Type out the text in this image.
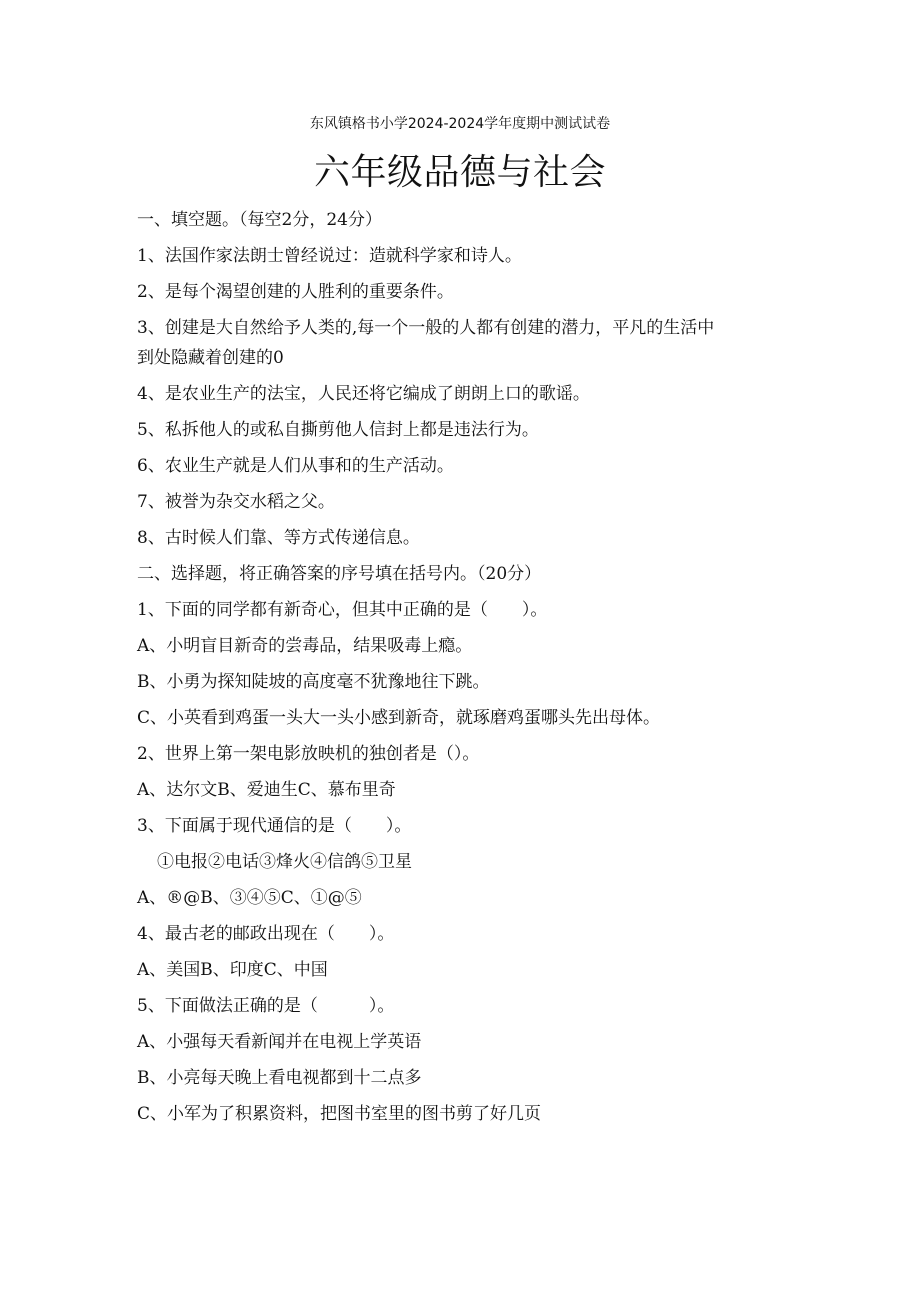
东风镇格书小学2024-2024学年度期中测试试卷
六年级品德与社会
一、填空题。（每空2分，24分）
1、法国作家法朗士曾经说过：造就科学家和诗人。
2、是每个渴望创建的人胜利的重要条件。
3、创建是大自然给予人类的,每一个一般的人都有创建的潜力，平凡的生活中
到处隐藏着创建的0
4、是农业生产的法宝，人民还将它编成了朗朗上口的歌谣。
5、私拆他人的或私自撕剪他人信封上都是违法行为。
6、农业生产就是人们从事和的生产活动。
7、被誉为杂交水稻之父。
8、古时候人们靠、等方式传递信息。
二、选择题，将正确答案的序号填在括号内。（20分）
1、下面的同学都有新奇心，但其中正确的是（　　）。
A、小明盲目新奇的尝毒品，结果吸毒上瘾。
B、小勇为探知陡坡的高度毫不犹豫地往下跳。
C、小英看到鸡蛋一头大一头小感到新奇，就琢磨鸡蛋哪头先出母体。
2、世界上第一架电影放映机的独创者是（）。
A、达尔文B、爱迪生C、慕布里奇
3、下面属于现代通信的是（　　）。
①电报②电话③烽火④信鸽⑤卫星
A、®@B、③④⑤C、①@⑤
4、最古老的邮政出现在（　　）。
A、美国B、印度C、中国
5、下面做法正确的是（　　　）。
A、小强每天看新闻并在电视上学英语
B、小亮每天晚上看电视都到十二点多
C、小军为了积累资料，把图书室里的图书剪了好几页
